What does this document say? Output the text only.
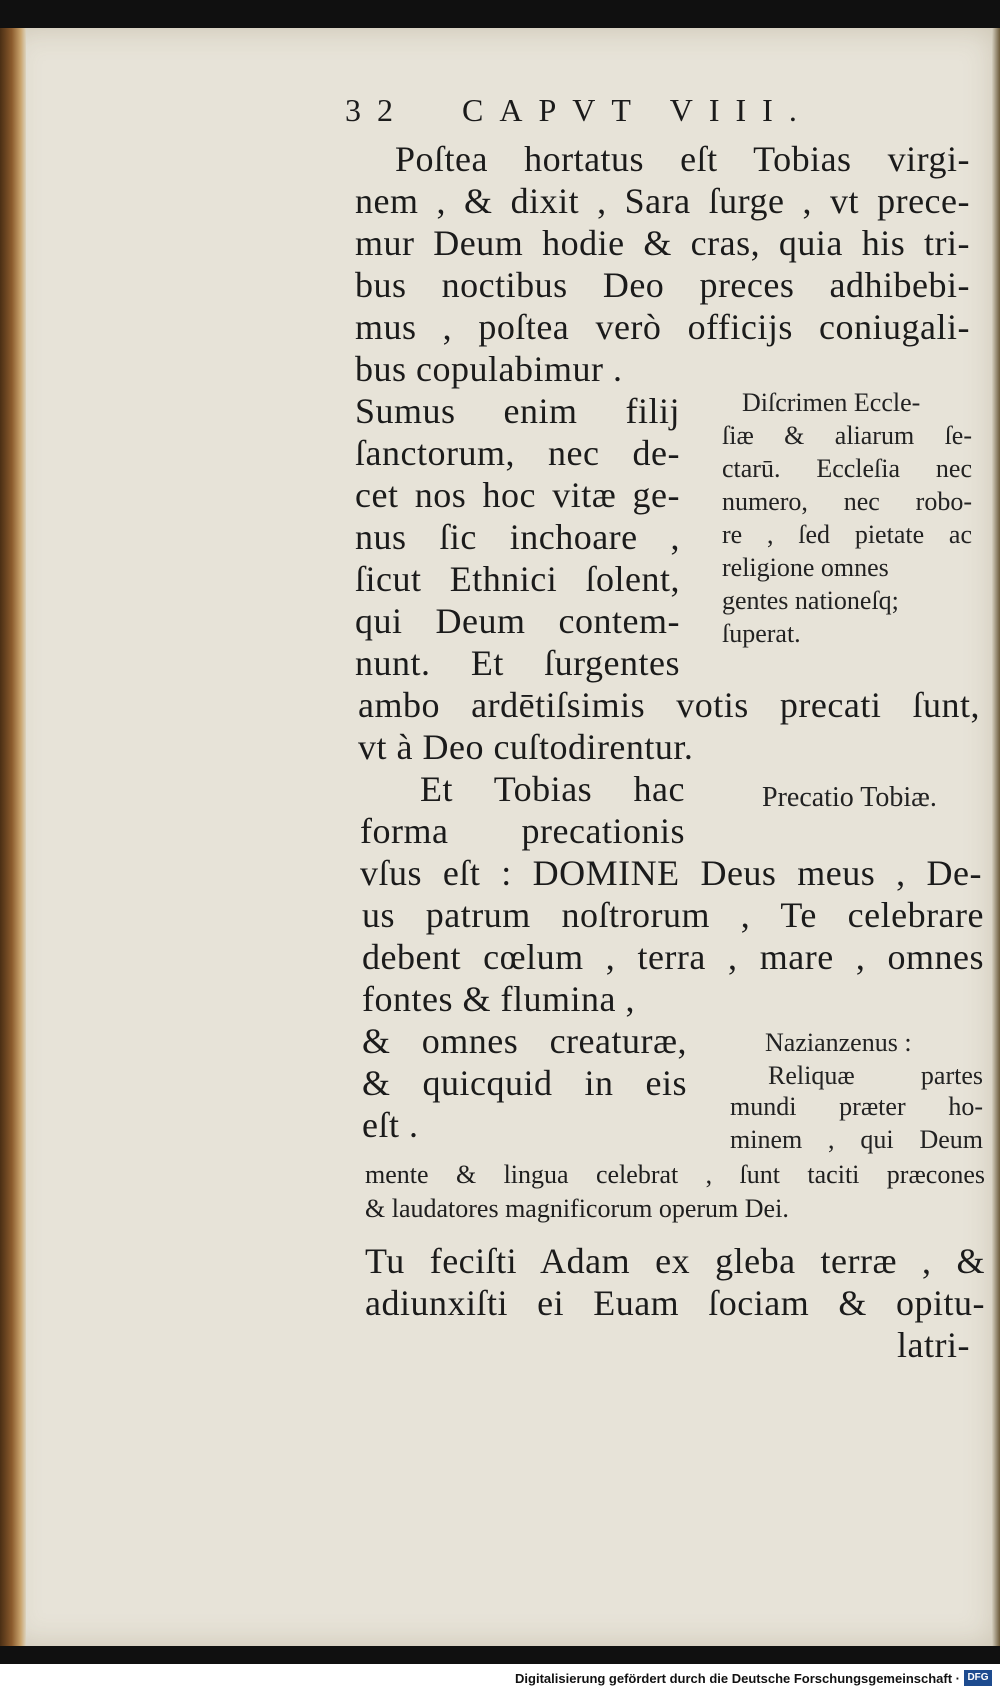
32 CAPVT VIII.
Poſtea hortatus eſt Tobias virgi-
nem , & dixit , Sara ſurge , vt prece-
mur Deum hodie & cras, quia his tri-
bus noctibus Deo preces adhibebi-
mus , poſtea verò officijs coniugali-
bus copulabimur .
Sumus enim filij
ſanctorum, nec de-
cet nos hoc vitæ ge-
nus ſic inchoare ,
ſicut Ethnici ſolent,
qui Deum contem-
nunt. Et ſurgentes
ambo ardētiſsimis votis precati ſunt,
vt à Deo cuſtodirentur.
Et Tobias hac
forma precationis
vſus eſt : DOMINE Deus meus , De-
us patrum noſtrorum , Te celebrare
debent cœlum , terra , mare , omnes
fontes & flumina ,
& omnes creaturæ,
& quicquid in eis
eſt .
mente & lingua celebrat , ſunt taciti præcones
& laudatores magnificorum operum Dei.
Tu feciſti Adam ex gleba terræ , &
adiunxiſti ei Euam ſociam & opitu-
latri-
Diſcrimen Eccle-
ſiæ & aliarum ſe-
ctarū. Eccleſia nec
numero, nec robo-
re , ſed pietate ac
religione omnes
gentes nationeſq;
ſuperat.
Precatio Tobiæ.
Nazianzenus :
Reliquæ partes
mundi præter ho-
minem , qui Deum
Digitalisierung gefördert durch die Deutsche Forschungsgemeinschaft · DFG
